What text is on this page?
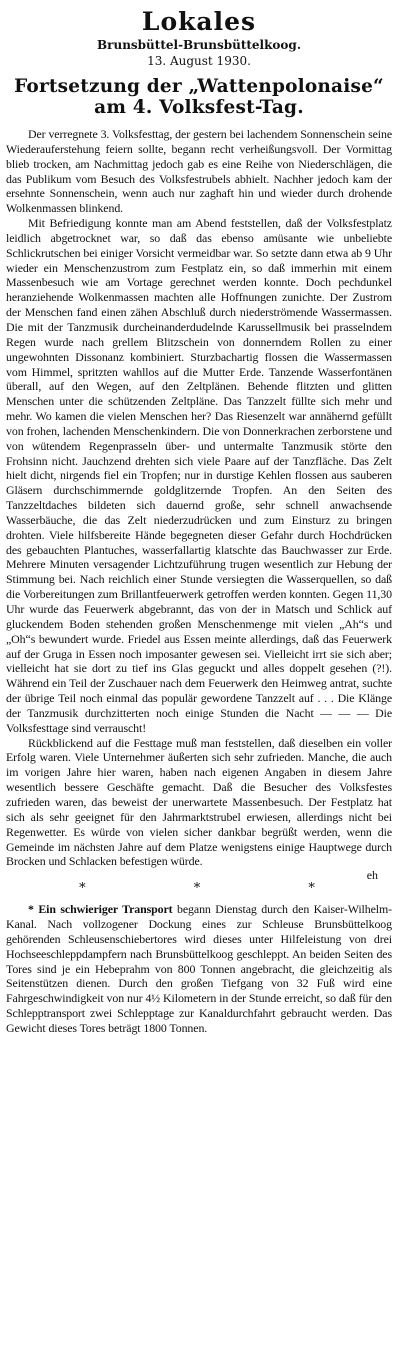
Lokales
Brunsbüttel-Brunsbüttelkoog.
13. August 1930.
Fortsetzung der „Wattenpolonaise“
am 4. Volksfest-Tag.

Der verregnete 3. Volksfesttag, der gestern bei lachendem Sonnenschein seine Wiederauferstehung feiern sollte, begann recht verheißungsvoll. Der Vormittag blieb trocken, am Nachmittag jedoch gab es eine Reihe von Niederschlägen, die das Publikum vom Besuch des Volksfestrubels abhielt. Nachher jedoch kam der ersehnte Sonnenschein, wenn auch nur zaghaft hin und wieder durch drohende Wolkenmassen blinkend.

Mit Befriedigung konnte man am Abend feststellen, daß der Volksfestplatz leidlich abgetrocknet war, so daß das ebenso amüsante wie unbeliebte Schlickrutschen bei einiger Vorsicht vermeidbar war. So setzte dann etwa ab 9 Uhr wieder ein Menschenzustrom zum Festplatz ein, so daß immerhin mit einem Massenbesuch wie am Vortage gerechnet werden konnte. Doch pechdunkel heranziehende Wolkenmassen machten alle Hoffnungen zunichte. Der Zustrom der Menschen fand einen zähen Abschluß durch niederströmende Wassermassen. Die mit der Tanzmusik durcheinanderdudelnde Karussellmusik bei prasselndem Regen wurde nach grellem Blitzschein von donnerndem Rollen zu einer ungewohnten Dissonanz kombiniert. Sturzbachartig flossen die Wassermassen vom Himmel, spritzten wahllos auf die Mutter Erde. Tanzende Wasserfontänen überall, auf den Wegen, auf den Zeltplänen. Behende flitzten und glitten Menschen unter die schützenden Zeltpläne. Das Tanzzelt füllte sich mehr und mehr. Wo kamen die vielen Menschen her? Das Riesenzelt war annähernd gefüllt von frohen, lachenden Menschenkindern. Die von Donnerkrachen zerborstene und von wütendem Regenprasseln über- und untermalte Tanzmusik störte den Frohsinn nicht. Jauchzend drehten sich viele Paare auf der Tanzfläche. Das Zelt hielt dicht, nirgends fiel ein Tropfen; nur in durstige Kehlen flossen aus sauberen Gläsern durchschimmernde goldglitzernde Tropfen. An den Seiten des Tanzzeltdaches bildeten sich dauernd große, sehr schnell anwachsende Wasserbäuche, die das Zelt niederzudrücken und zum Einsturz zu bringen drohten. Viele hilfsbereite Hände begegneten dieser Gefahr durch Hochdrücken des gebauchten Plantuches, wasserfallartig klatschte das Bauchwasser zur Erde. Mehrere Minuten versagender Lichtzuführung trugen wesentlich zur Hebung der Stimmung bei. Nach reichlich einer Stunde versiegten die Wasserquellen, so daß die Vorbereitungen zum Brillantfeuerwerk getroffen werden konnten. Gegen 11,30 Uhr wurde das Feuerwerk abgebrannt, das von der in Matsch und Schlick auf gluckendem Boden stehenden großen Menschenmenge mit vielen „Ah“s und „Oh“s bewundert wurde. Friedel aus Essen meinte allerdings, daß das Feuerwerk auf der Gruga in Essen noch imposanter gewesen sei. Vielleicht irrt sie sich aber; vielleicht hat sie dort zu tief ins Glas geguckt und alles doppelt gesehen (?!). Während ein Teil der Zuschauer nach dem Feuerwerk den Heimweg antrat, suchte der übrige Teil noch einmal das populär gewordene Tanzzelt auf . . . Die Klänge der Tanzmusik durchzitterten noch einige Stunden die Nacht — — — Die Volksfesttage sind verrauscht!

Rückblickend auf die Festtage muß man feststellen, daß dieselben ein voller Erfolg waren. Viele Unternehmer äußerten sich sehr zufrieden. Manche, die auch im vorigen Jahre hier waren, haben nach eigenen Angaben in diesem Jahre wesentlich bessere Geschäfte gemacht. Daß die Besucher des Volksfestes zufrieden waren, das beweist der unerwartete Massenbesuch. Der Festplatz hat sich als sehr geeignet für den Jahrmarktstrubel erwiesen, allerdings nicht bei Regenwetter. Es würde von vielen sicher dankbar begrüßt werden, wenn die Gemeinde im nächsten Jahre auf dem Platze wenigstens einige Hauptwege durch Brocken und Schlacken befestigen würde.

eh
* * *

* Ein schwieriger Transport begann Dienstag durch den Kaiser-Wilhelm-Kanal. Nach vollzogener Dockung eines zur Schleuse Brunsbüttelkoog gehörenden Schleusenschiebertores wird dieses unter Hilfeleistung von drei Hochseeschleppdampfern nach Brunsbüttelkoog geschleppt. An beiden Seiten des Tores sind je ein Hebeprahm von 800 Tonnen angebracht, die gleichzeitig als Seitenstützen dienen. Durch den großen Tiefgang von 32 Fuß wird eine Fahrgeschwindigkeit von nur 4½ Kilometern in der Stunde erreicht, so daß für den Schlepptransport zwei Schlepptage zur Kanaldurchfahrt gebraucht werden. Das Gewicht dieses Tores beträgt 1800 Tonnen.
